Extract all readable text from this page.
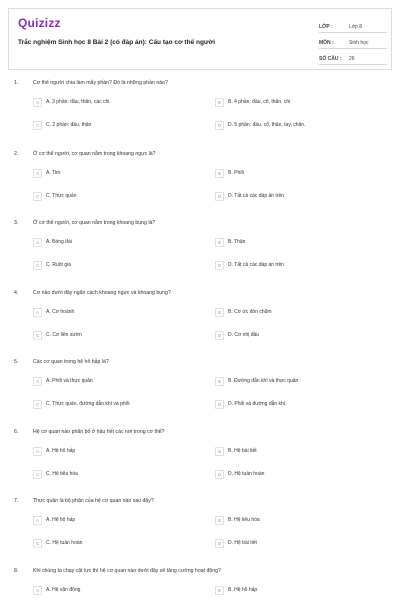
Quizizz
Trắc nghiệm Sinh học 8 Bài 2 (có đáp án): Cấu tạo cơ thể người
LỚP :	Lớp 8
MÔN :	Sinh học
SỐ CÂU :	26
1.	Cơ thể người chia làm mấy phần? Đó là những phần nào?
A	A. 3 phần: đầu, thân, các chi.	B	B. 4 phần: đầu, cổ, thân, chi
C	C. 2 phần: đầu, thân	D	D. 5 phần: đầu, cổ, thân, tay, chân.
2.	Ở cơ thể người, cơ quan nằm trong khoang ngực là?
A	A. Tim	B	B. Phổi
C	C. Thực quản	D	D. Tất cả các đáp án trên
3.	Ở cơ thể người, cơ quan nằm trong khoang bụng là?
A	A. Bóng đái	B	B. Thận
C	C. Ruột già	D	D. Tất cả các đáp án trên
4.	Cơ nào dưới đây ngăn cách khoang ngực và khoang bụng?
A	A. Cơ hoành	B	B. Cơ ức đòn chũm
C	C. Cơ liên sườn	D	D. Cơ nhị đầu
5.	Các cơ quan trong hệ hô hấp là?
A	A. Phổi và thực quản	B	B. Đường dẫn khí và thực quản
C	C. Thực quản, đường dẫn khí và phổi	D	D. Phổi và đường dẫn khí.
6.	Hệ cơ quan nào phân bố ở hầu hết các nơi trong cơ thể?
A	A. Hệ hô hấp	B	B. Hệ bài tiết
C	C. Hệ tiêu hóa	D	D. Hệ tuần hoàn
7.	Thực quản là bộ phận của hệ cơ quan nào sau đây?
A	A. Hệ hô hấp	B	B. Hệ tiêu hóa
C	C. Hệ tuần hoàn	D	D. Hệ bài tiết
8.	Khi chúng ta chạy cật lực thì hệ cơ quan nào dưới đây sẽ tăng cường hoạt động?
A	A. Hệ vận động	B	B. Hệ hô hấp
